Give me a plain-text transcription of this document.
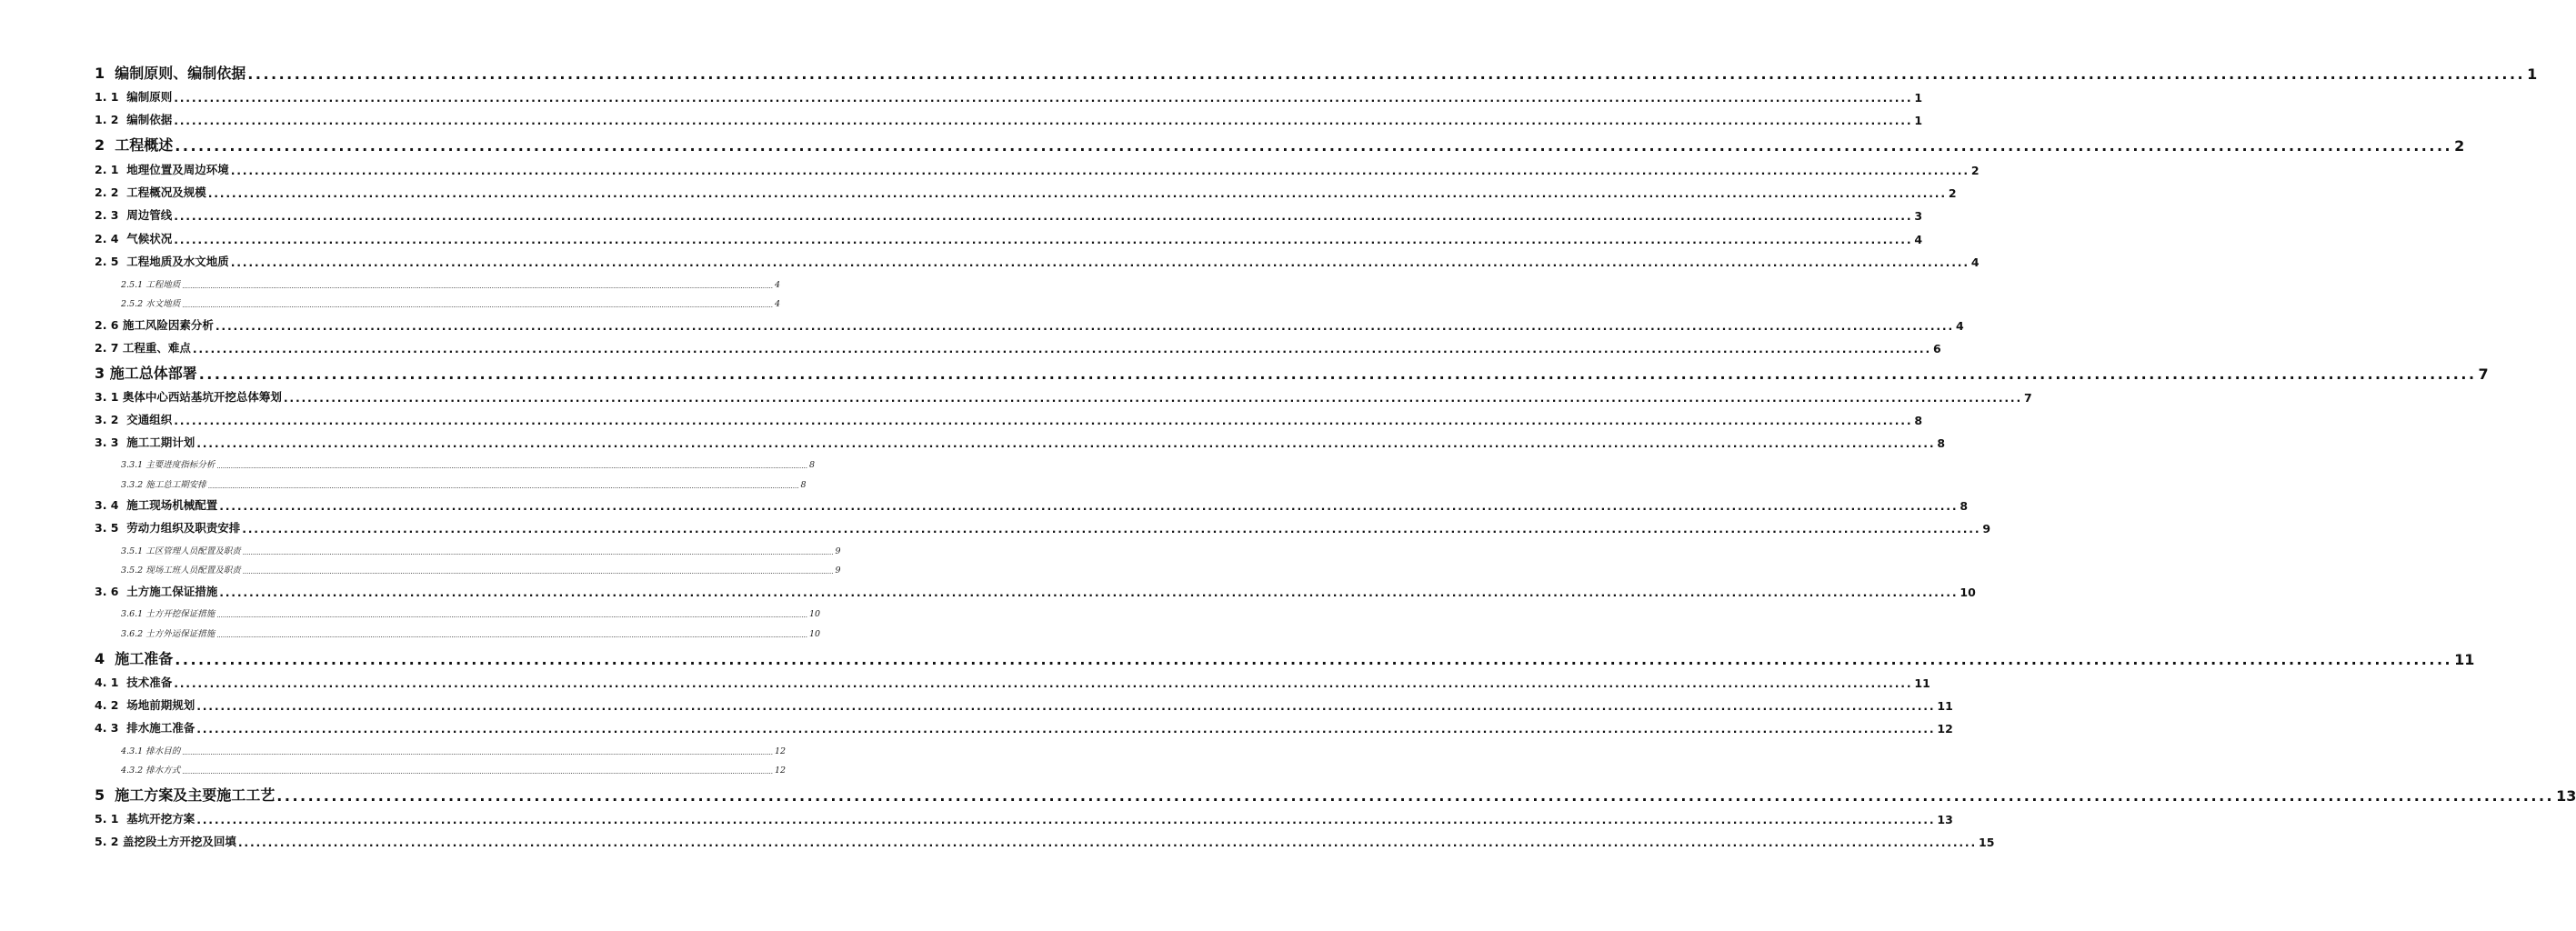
1  编制原则、编制依据 .................................................................................................................................................................................................................................................................................................... 1
1. 1  编制原则 .................................................................................................................................................................................................................................................................................................... 1
1. 2  编制依据 .................................................................................................................................................................................................................................................................................................... 1
2  工程概述 .................................................................................................................................................................................................................................................................................................... 2
2. 1  地理位置及周边环境 .................................................................................................................................................................................................................................................................................................... 2
2. 2  工程概况及规模 .................................................................................................................................................................................................................................................................................................... 2
2. 3  周边管线 .................................................................................................................................................................................................................................................................................................... 3
2. 4  气候状况 .................................................................................................................................................................................................................................................................................................... 4
2. 5  工程地质及水文地质 .................................................................................................................................................................................................................................................................................................... 4
2.5.1 工程地质 .................................................................................................................................................................................................................................................................................................... 4
2.5.2 水文地质 .................................................................................................................................................................................................................................................................................................... 4
2. 6 施工风险因素分析 .................................................................................................................................................................................................................................................................................................... 4
2. 7 工程重、难点 .................................................................................................................................................................................................................................................................................................... 6
3 施工总体部署 .................................................................................................................................................................................................................................................................................................... 7
3. 1 奥体中心西站基坑开挖总体筹划 .................................................................................................................................................................................................................................................................................................... 7
3. 2  交通组织 .................................................................................................................................................................................................................................................................................................... 8
3. 3  施工工期计划 .................................................................................................................................................................................................................................................................................................... 8
3.3.1 主要进度指标分析 .................................................................................................................................................................................................................................................................................................... 8
3.3.2 施工总工期安排 .................................................................................................................................................................................................................................................................................................... 8
3. 4  施工现场机械配置 .................................................................................................................................................................................................................................................................................................... 8
3. 5  劳动力组织及职责安排 .................................................................................................................................................................................................................................................................................................... 9
3.5.1 工区管理人员配置及职责 .................................................................................................................................................................................................................................................................................................... 9
3.5.2 现场工班人员配置及职责 .................................................................................................................................................................................................................................................................................................... 9
3. 6  土方施工保证措施 .................................................................................................................................................................................................................................................................................................... 10
3.6.1 土方开挖保证措施 .................................................................................................................................................................................................................................................................................................... 10
3.6.2 土方外运保证措施 .................................................................................................................................................................................................................................................................................................... 10
4  施工准备 .................................................................................................................................................................................................................................................................................................... 11
4. 1  技术准备 .................................................................................................................................................................................................................................................................................................... 11
4. 2  场地前期规划 .................................................................................................................................................................................................................................................................................................... 11
4. 3  排水施工准备 .................................................................................................................................................................................................................................................................................................... 12
4.3.1 排水目的 .................................................................................................................................................................................................................................................................................................... 12
4.3.2 排水方式 .................................................................................................................................................................................................................................................................................................... 12
5  施工方案及主要施工工艺 .................................................................................................................................................................................................................................................................................................... 13
5. 1  基坑开挖方案 .................................................................................................................................................................................................................................................................................................... 13
5. 2 盖挖段土方开挖及回填 .................................................................................................................................................................................................................................................................................................... 15
